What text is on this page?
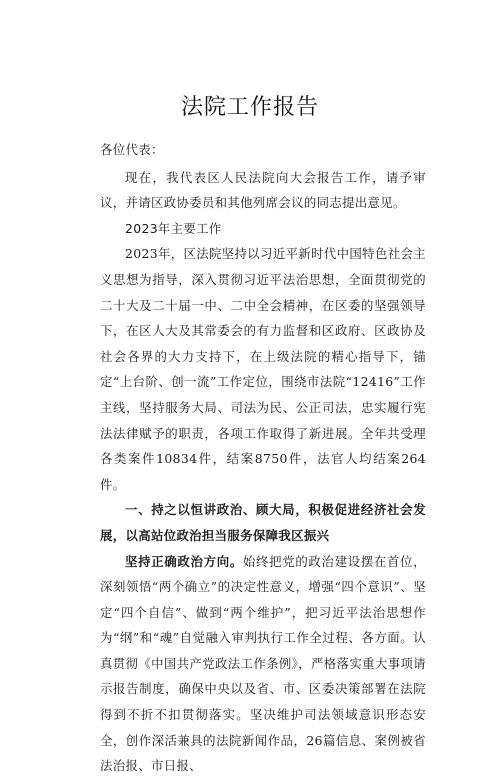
法院工作报告

各位代表：

现在，我代表区人民法院向大会报告工作，请予审议，并请区政协委员和其他列席会议的同志提出意见。

2023年主要工作

2023年，区法院坚持以习近平新时代中国特色社会主义思想为指导，深入贯彻习近平法治思想，全面贯彻党的二十大及二十届一中、二中全会精神，在区委的坚强领导下，在区人大及其常委会的有力监督和区政府、区政协及社会各界的大力支持下，在上级法院的精心指导下，锚定“上台阶、创一流”工作定位，围绕市法院“12416”工作主线，坚持服务大局、司法为民、公正司法，忠实履行宪法法律赋予的职责，各项工作取得了新进展。全年共受理各类案件10834件，结案8750件，法官人均结案264件。

一、持之以恒讲政治、顾大局，积极促进经济社会发展，以高站位政治担当服务保障我区振兴

坚持正确政治方向。始终把党的政治建设摆在首位，深刻领悟“两个确立”的决定性意义，增强“四个意识”、坚定“四个自信”、做到“两个维护”，把习近平法治思想作为“纲”和“魂”自觉融入审判执行工作全过程、各方面。认真贯彻《中国共产党政法工作条例》，严格落实重大事项请示报告制度，确保中央以及省、市、区委决策部署在法院得到不折不扣贯彻落实。坚决维护司法领域意识形态安全，创作深活兼具的法院新闻作品，26篇信息、案例被省法治报、市日报、
